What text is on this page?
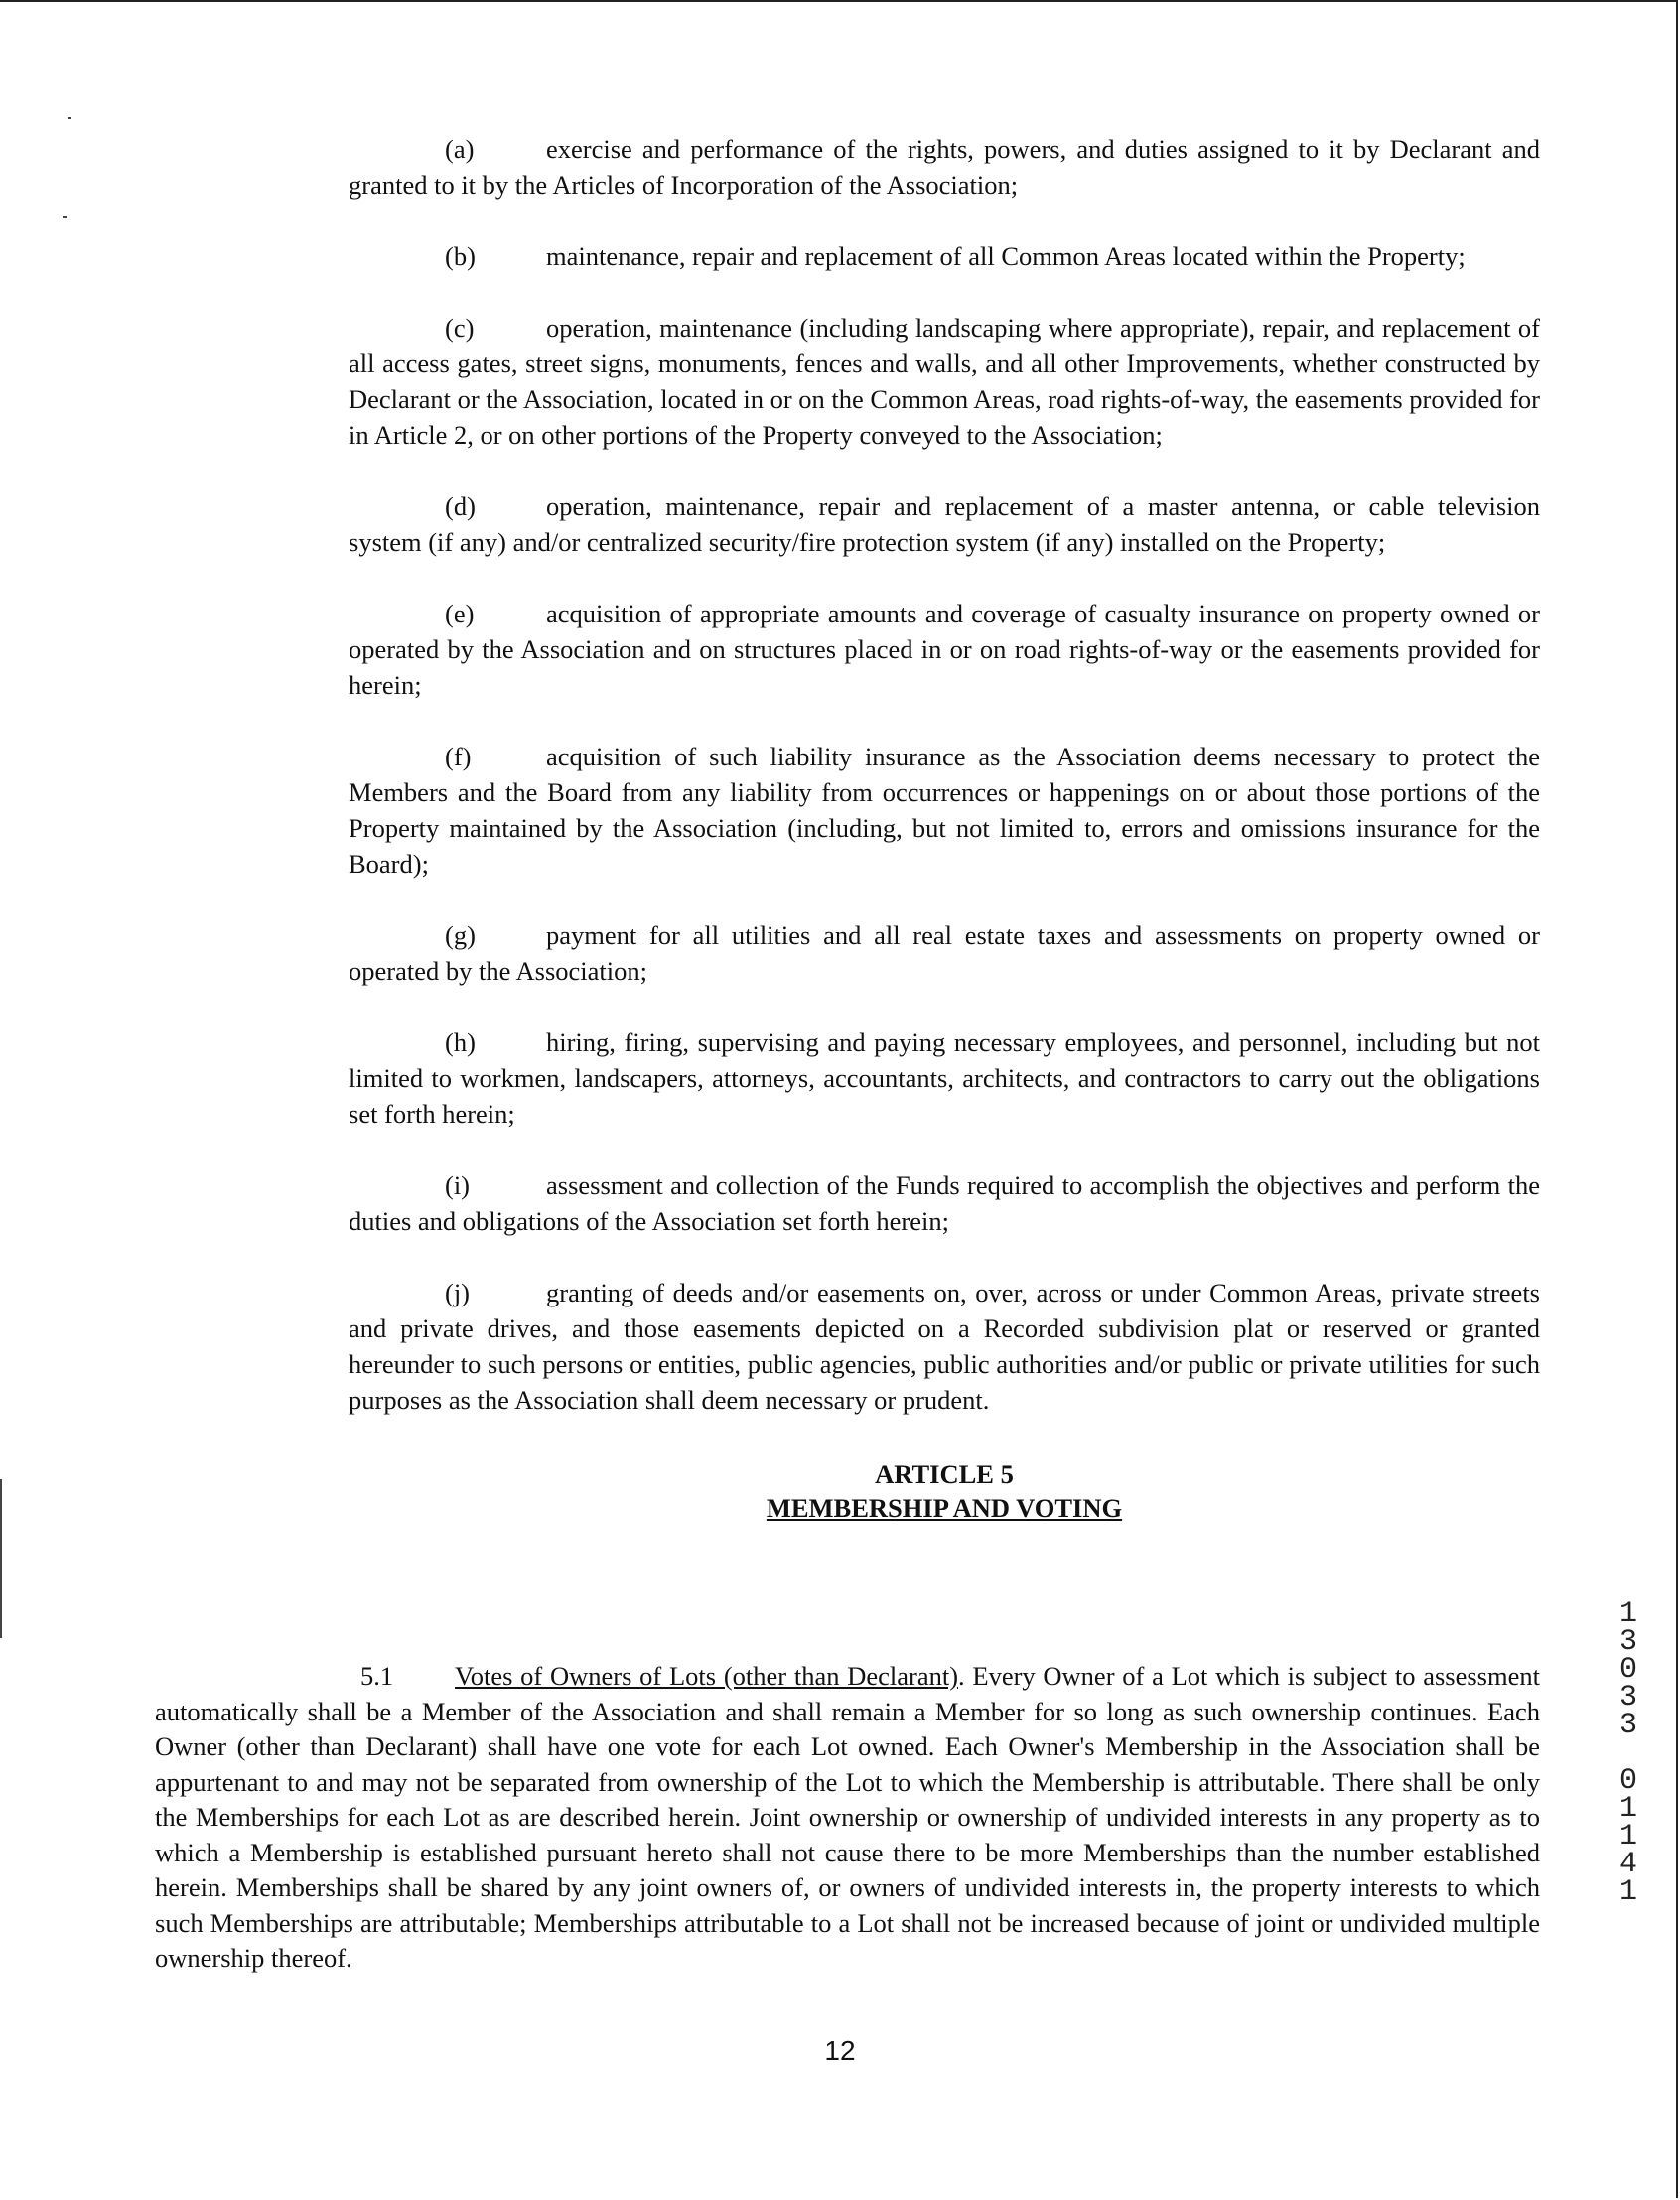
(a)	exercise and performance of the rights, powers, and duties assigned to it by Declarant and granted to it by the Articles of Incorporation of the Association;

(b)	maintenance, repair and replacement of all Common Areas located within the Property;

(c)	operation, maintenance (including landscaping where appropriate), repair, and replacement of all access gates, street signs, monuments, fences and walls, and all other Improvements, whether constructed by Declarant or the Association, located in or on the Common Areas, road rights-of-way, the easements provided for in Article 2, or on other portions of the Property conveyed to the Association;

(d)	operation, maintenance, repair and replacement of a master antenna, or cable television system (if any) and/or centralized security/fire protection system (if any) installed on the Property;

(e)	acquisition of appropriate amounts and coverage of casualty insurance on property owned or operated by the Association and on structures placed in or on road rights-of-way or the easements provided for herein;

(f)	acquisition of such liability insurance as the Association deems necessary to protect the Members and the Board from any liability from occurrences or happenings on or about those portions of the Property maintained by the Association (including, but not limited to, errors and omissions insurance for the Board);

(g)	payment for all utilities and all real estate taxes and assessments on property owned or operated by the Association;

(h)	hiring, firing, supervising and paying necessary employees, and personnel, including but not limited to workmen, landscapers, attorneys, accountants, architects, and contractors to carry out the obligations set forth herein;

(i)	assessment and collection of the Funds required to accomplish the objectives and perform the duties and obligations of the Association set forth herein;

(j)	granting of deeds and/or easements on, over, across or under Common Areas, private streets and private drives, and those easements depicted on a Recorded subdivision plat or reserved or granted hereunder to such persons or entities, public agencies, public authorities and/or public or private utilities for such purposes as the Association shall deem necessary or prudent.

ARTICLE 5

MEMBERSHIP AND VOTING

5.1 Votes of Owners of Lots (other than Declarant). Every Owner of a Lot which is subject to assessment automatically shall be a Member of the Association and shall remain a Member for so long as such ownership continues. Each Owner (other than Declarant) shall have one vote for each Lot owned. Each Owner's Membership in the Association shall be appurtenant to and may not be separated from ownership of the Lot to which the Membership is attributable. There shall be only the Memberships for each Lot as are described herein. Joint ownership or ownership of undivided interests in any property as to which a Membership is established pursuant hereto shall not cause there to be more Memberships than the number established herein. Memberships shall be shared by any joint owners of, or owners of undivided interests in, the property interests to which such Memberships are attributable; Memberships attributable to a Lot shall not be increased because of joint or undivided multiple ownership thereof.

12
1
3
0
3
3
0
1
1
4
1
